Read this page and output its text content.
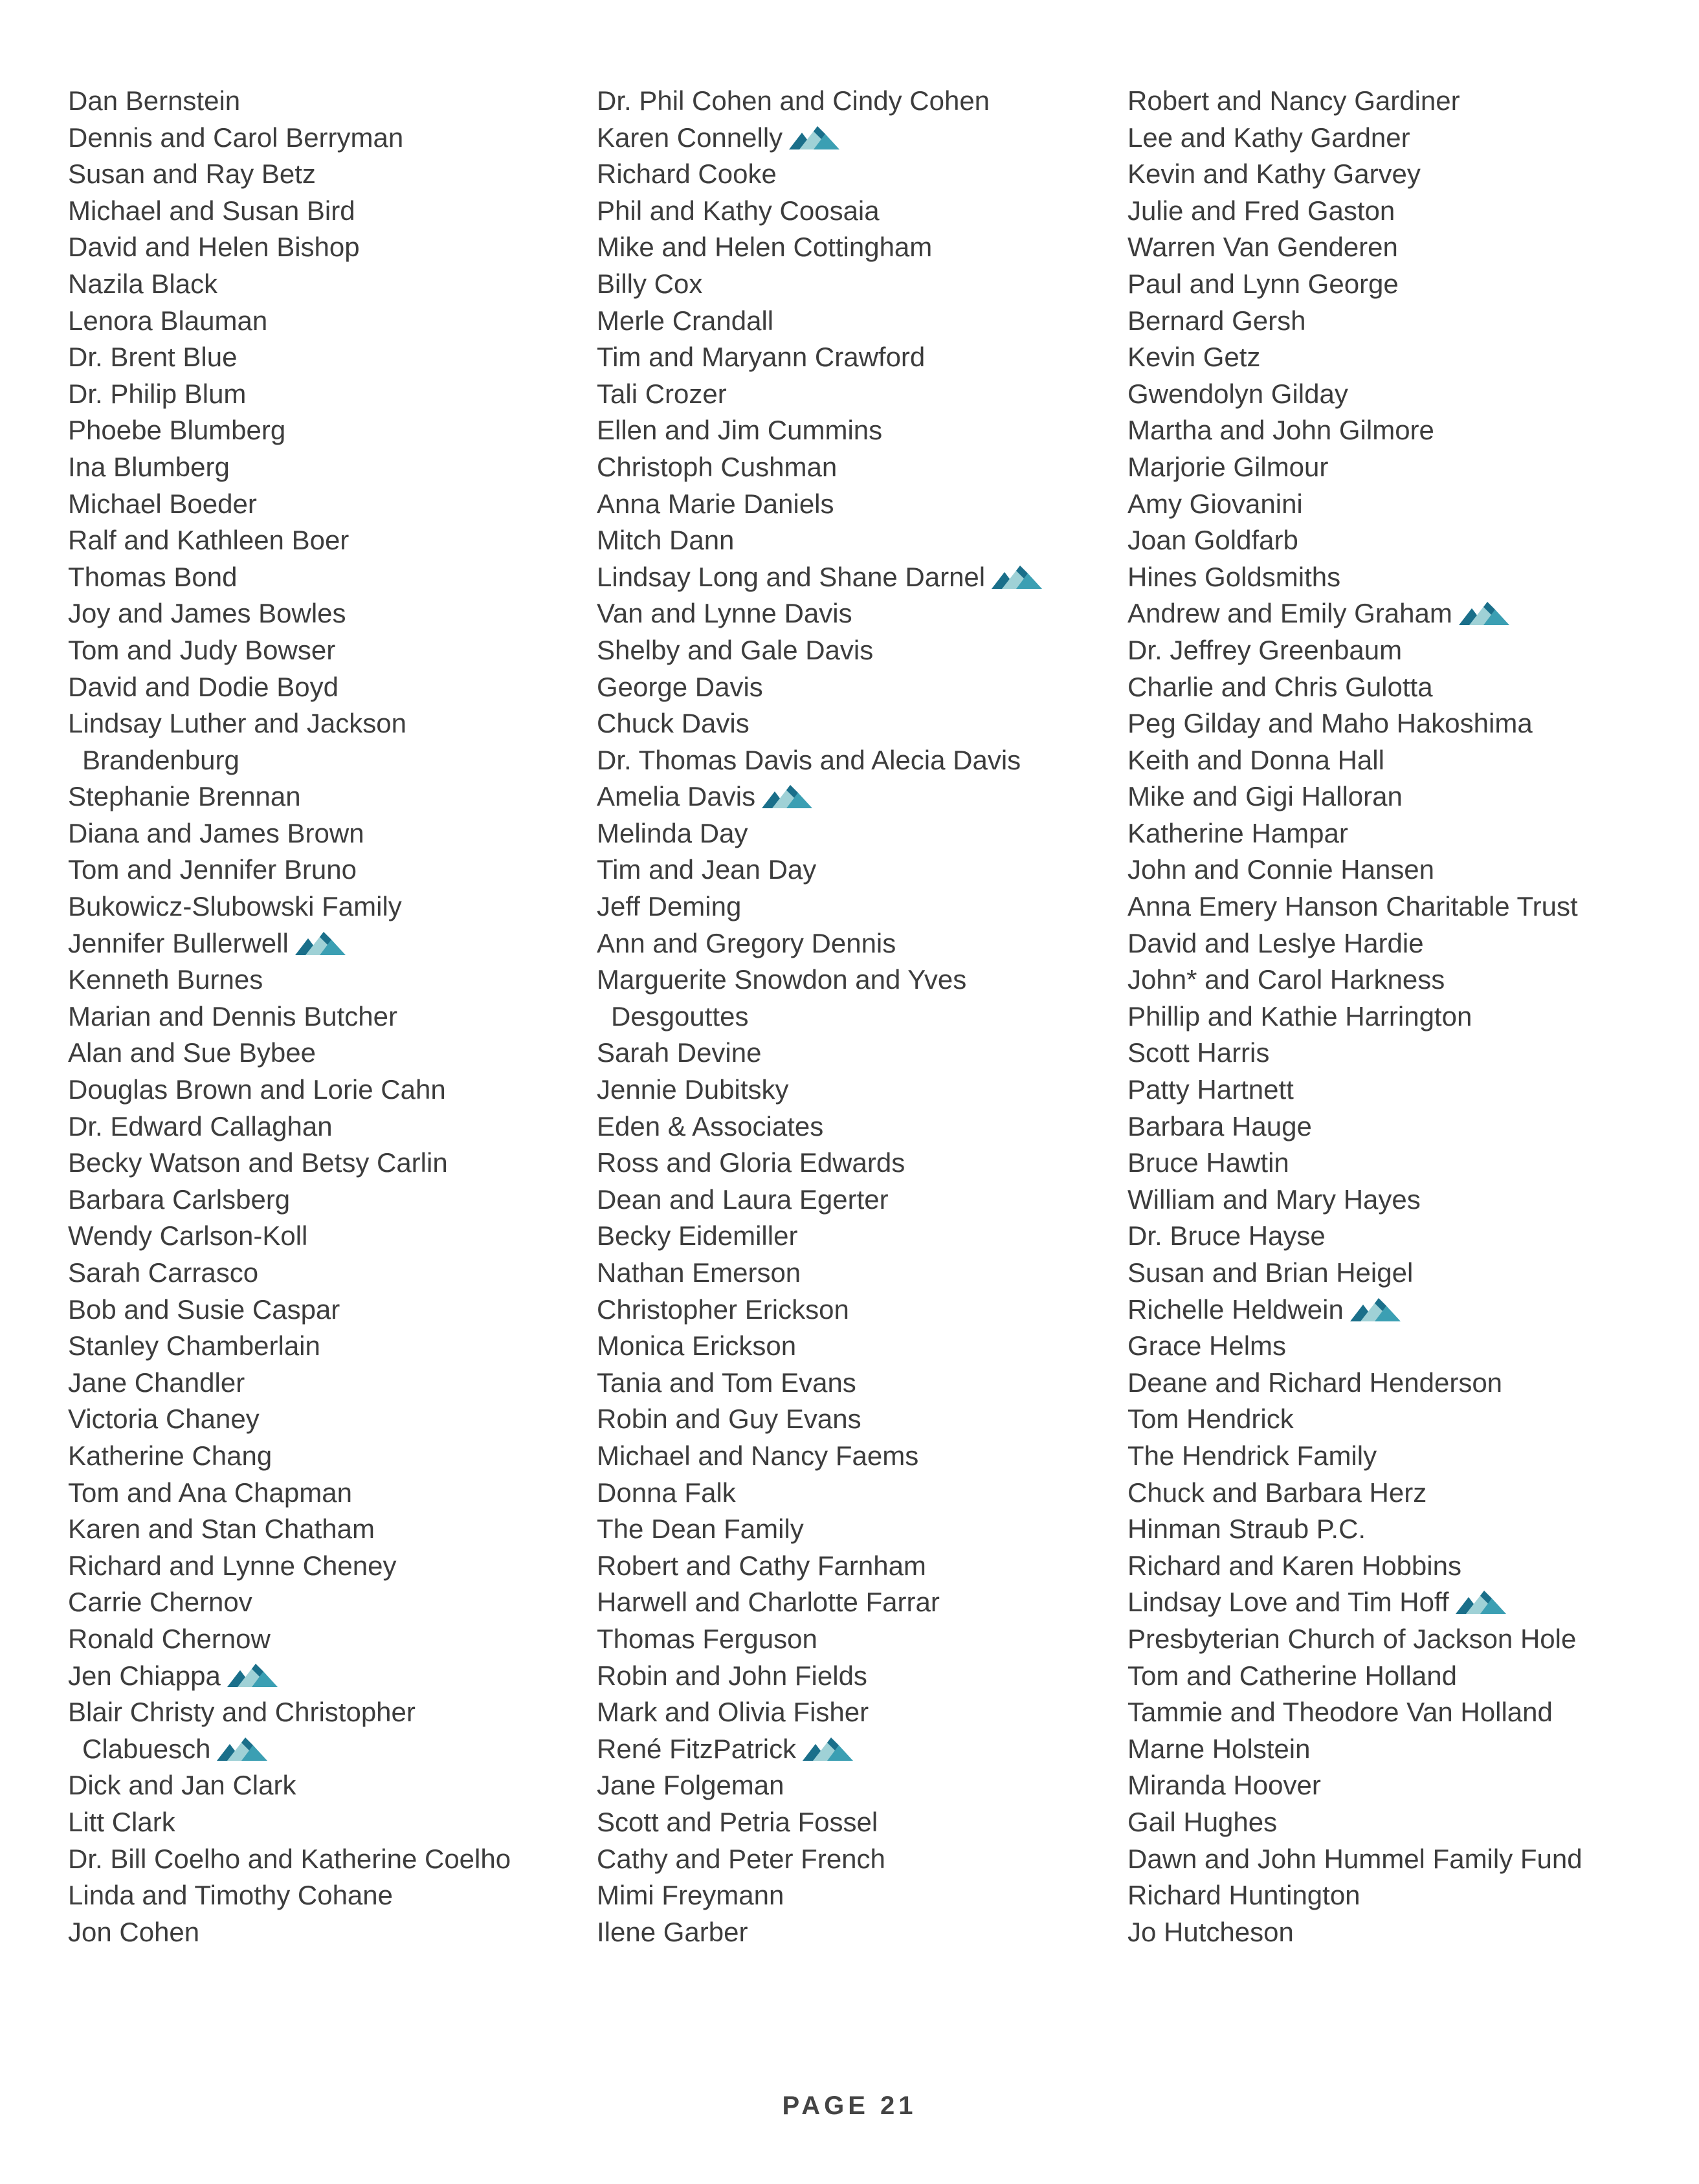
Dan Bernstein
Dennis and Carol Berryman
Susan and Ray Betz
Michael and Susan Bird
David and Helen Bishop
Nazila Black
Lenora Blauman
Dr. Brent Blue
Dr. Philip Blum
Phoebe Blumberg
Ina Blumberg
Michael Boeder
Ralf and Kathleen Boer
Thomas Bond
Joy and James Bowles
Tom and Judy Bowser
David and Dodie Boyd
Lindsay Luther and Jackson
Brandenburg
Stephanie Brennan
Diana and James Brown
Tom and Jennifer Bruno
Bukowicz-Slubowski Family
Jennifer Bullerwell
Kenneth Burnes
Marian and Dennis Butcher
Alan and Sue Bybee
Douglas Brown and Lorie Cahn
Dr. Edward Callaghan
Becky Watson and Betsy Carlin
Barbara Carlsberg
Wendy Carlson-Koll
Sarah Carrasco
Bob and Susie Caspar
Stanley Chamberlain
Jane Chandler
Victoria Chaney
Katherine Chang
Tom and Ana Chapman
Karen and Stan Chatham
Richard and Lynne Cheney
Carrie Chernov
Ronald Chernow
Jen Chiappa
Blair Christy and Christopher
Clabuesch
Dick and Jan Clark
Litt Clark
Dr. Bill Coelho and Katherine Coelho
Linda and Timothy Cohane
Jon Cohen
Dr. Phil Cohen and Cindy Cohen
Karen Connelly
Richard Cooke
Phil and Kathy Coosaia
Mike and Helen Cottingham
Billy Cox
Merle Crandall
Tim and Maryann Crawford
Tali Crozer
Ellen and Jim Cummins
Christoph Cushman
Anna Marie Daniels
Mitch Dann
Lindsay Long and Shane Darnel
Van and Lynne Davis
Shelby and Gale Davis
George Davis
Chuck Davis
Dr. Thomas Davis and Alecia Davis
Amelia Davis
Melinda Day
Tim and Jean Day
Jeff Deming
Ann and Gregory Dennis
Marguerite Snowdon and Yves
Desgouttes
Sarah Devine
Jennie Dubitsky
Eden & Associates
Ross and Gloria Edwards
Dean and Laura Egerter
Becky Eidemiller
Nathan Emerson
Christopher Erickson
Monica Erickson
Tania and Tom Evans
Robin and Guy Evans
Michael and Nancy Faems
Donna Falk
The Dean Family
Robert and Cathy Farnham
Harwell and Charlotte Farrar
Thomas Ferguson
Robin and John Fields
Mark and Olivia Fisher
René FitzPatrick
Jane Folgeman
Scott and Petria Fossel
Cathy and Peter French
Mimi Freymann
Ilene Garber
Robert and Nancy Gardiner
Lee and Kathy Gardner
Kevin and Kathy Garvey
Julie and Fred Gaston
Warren Van Genderen
Paul and Lynn George
Bernard Gersh
Kevin Getz
Gwendolyn Gilday
Martha and John Gilmore
Marjorie Gilmour
Amy Giovanini
Joan Goldfarb
Hines Goldsmiths
Andrew and Emily Graham
Dr. Jeffrey Greenbaum
Charlie and Chris Gulotta
Peg Gilday and Maho Hakoshima
Keith and Donna Hall
Mike and Gigi Halloran
Katherine Hampar
John and Connie Hansen
Anna Emery Hanson Charitable Trust
David and Leslye Hardie
John* and Carol Harkness
Phillip and Kathie Harrington
Scott Harris
Patty Hartnett
Barbara Hauge
Bruce Hawtin
William and Mary Hayes
Dr. Bruce Hayse
Susan and Brian Heigel
Richelle Heldwein
Grace Helms
Deane and Richard Henderson
Tom Hendrick
The Hendrick Family
Chuck and Barbara Herz
Hinman Straub P.C.
Richard and Karen Hobbins
Lindsay Love and Tim Hoff
Presbyterian Church of Jackson Hole
Tom and Catherine Holland
Tammie and Theodore Van Holland
Marne Holstein
Miranda Hoover
Gail Hughes
Dawn and John Hummel Family Fund
Richard Huntington
Jo Hutcheson
PAGE 21
